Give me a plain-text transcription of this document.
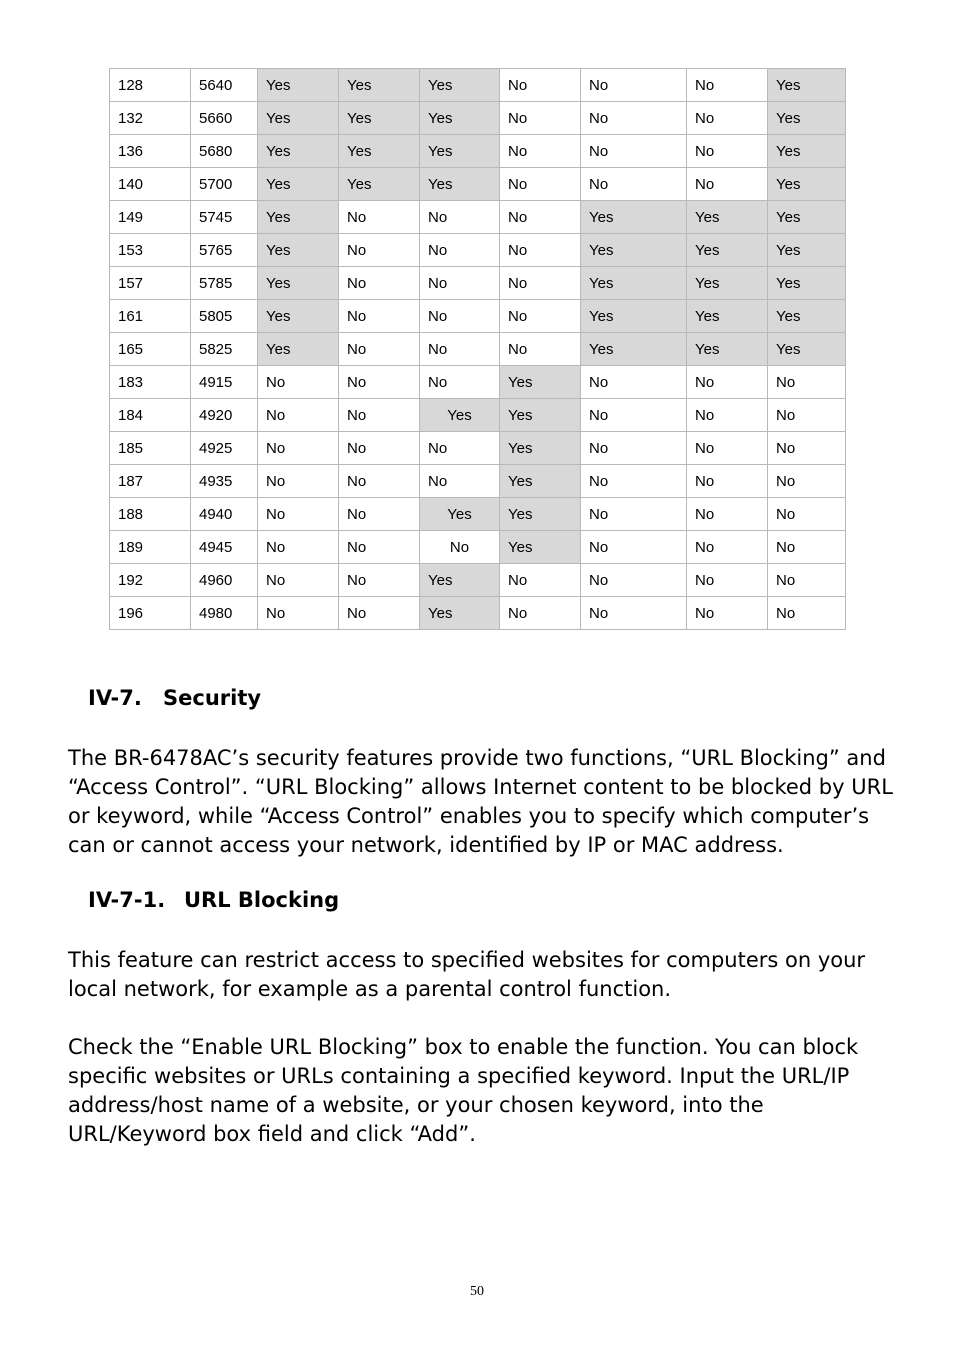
128	5640	Yes	Yes	Yes	No	No	No	Yes
132	5660	Yes	Yes	Yes	No	No	No	Yes
136	5680	Yes	Yes	Yes	No	No	No	Yes
140	5700	Yes	Yes	Yes	No	No	No	Yes
149	5745	Yes	No	No	No	Yes	Yes	Yes
153	5765	Yes	No	No	No	Yes	Yes	Yes
157	5785	Yes	No	No	No	Yes	Yes	Yes
161	5805	Yes	No	No	No	Yes	Yes	Yes
165	5825	Yes	No	No	No	Yes	Yes	Yes
183	4915	No	No	No	Yes	No	No	No
184	4920	No	No	Yes	Yes	No	No	No
185	4925	No	No	No	Yes	No	No	No
187	4935	No	No	No	Yes	No	No	No
188	4940	No	No	Yes	Yes	No	No	No
189	4945	No	No	No	Yes	No	No	No
192	4960	No	No	Yes	No	No	No	No
196	4980	No	No	Yes	No	No	No	No
IV-7. Security

The BR-6478AC’s security features provide two functions, “URL Blocking” and “Access Control”. “URL Blocking” allows Internet content to be blocked by URL or keyword, while “Access Control” enables you to specify which computer’s can or cannot access your network, identified by IP or MAC address.

IV-7-1. URL Blocking

This feature can restrict access to specified websites for computers on your local network, for example as a parental control function.

Check the “Enable URL Blocking” box to enable the function. You can block specific websites or URLs containing a specified keyword. Input the URL/IP address/host name of a website, or your chosen keyword, into the URL/Keyword box field and click “Add”.

50
